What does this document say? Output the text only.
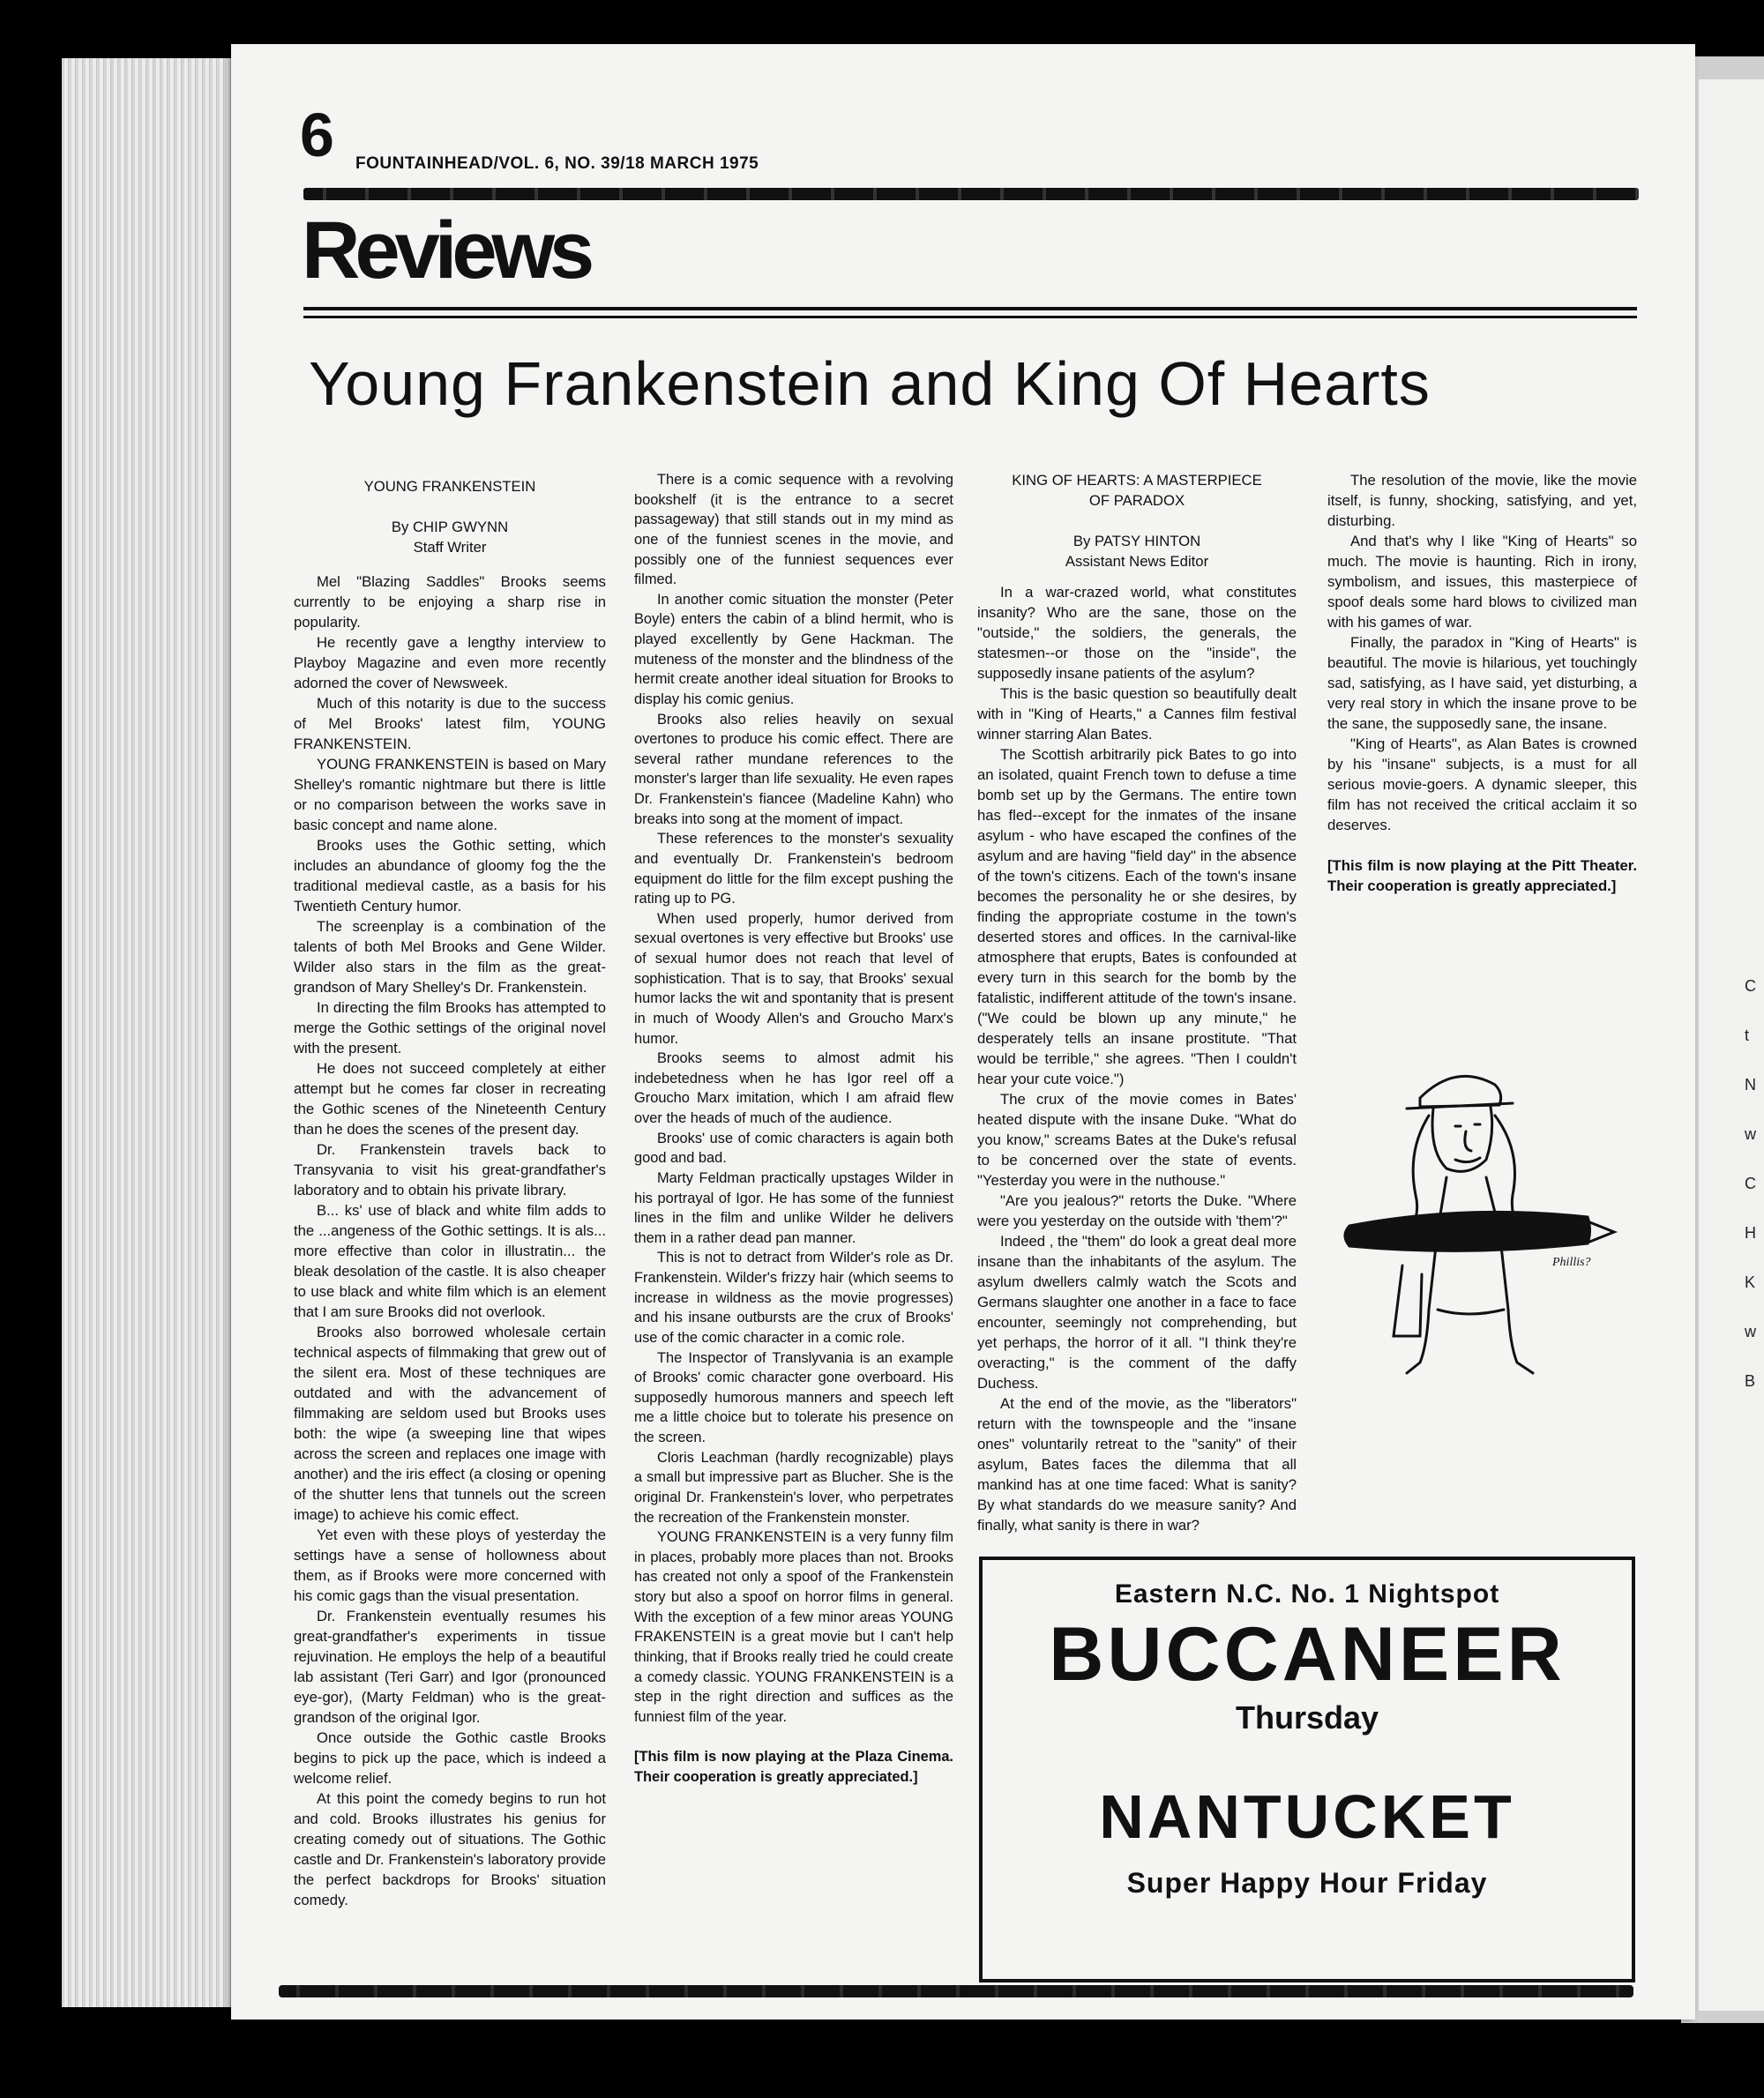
C
t
N
w
C
H
K
w
B
6 FOUNTAINHEAD/VOL. 6, NO. 39/18 MARCH 1975
Reviews
Young Frankenstein and King Of Hearts
YOUNG FRANKENSTEIN
By CHIP GWYNN
Staff Writer

Mel "Blazing Saddles" Brooks seems currently to be enjoying a sharp rise in popularity.

He recently gave a lengthy interview to Playboy Magazine and even more recently adorned the cover of Newsweek.

Much of this notarity is due to the success of Mel Brooks' latest film, YOUNG FRANKENSTEIN.

YOUNG FRANKENSTEIN is based on Mary Shelley's romantic nightmare but there is little or no comparison between the works save in basic concept and name alone.

Brooks uses the Gothic setting, which includes an abundance of gloomy fog the the traditional medieval castle, as a basis for his Twentieth Century humor.

The screenplay is a combination of the talents of both Mel Brooks and Gene Wilder. Wilder also stars in the film as the great-grandson of Mary Shelley's Dr. Frankenstein.

In directing the film Brooks has attempted to merge the Gothic settings of the original novel with the present.

He does not succeed completely at either attempt but he comes far closer in recreating the Gothic scenes of the Nineteenth Century than he does the scenes of the present day.

Dr. Frankenstein travels back to Transyvania to visit his great-grandfather's laboratory and to obtain his private library.

B... ks' use of black and white film adds to the ...angeness of the Gothic settings. It is als... more effective than color in illustratin... the bleak desolation of the castle. It is also cheaper to use black and white film which is an element that I am sure Brooks did not overlook.

Brooks also borrowed wholesale certain technical aspects of filmmaking that grew out of the silent era. Most of these techniques are outdated and with the advancement of filmmaking are seldom used but Brooks uses both: the wipe (a sweeping line that wipes across the screen and replaces one image with another) and the iris effect (a closing or opening of the shutter lens that tunnels out the screen image) to achieve his comic effect.

Yet even with these ploys of yesterday the settings have a sense of hollowness about them, as if Brooks were more concerned with his comic gags than the visual presentation.

Dr. Frankenstein eventually resumes his great-grandfather's experiments in tissue rejuvination. He employs the help of a beautiful lab assistant (Teri Garr) and Igor (pronounced eye-gor), (Marty Feldman) who is the great-grandson of the original Igor.

Once outside the Gothic castle Brooks begins to pick up the pace, which is indeed a welcome relief.

At this point the comedy begins to run hot and cold. Brooks illustrates his genius for creating comedy out of situations. The Gothic castle and Dr. Frankenstein's laboratory provide the perfect backdrops for Brooks' situation comedy.

There is a comic sequence with a revolving bookshelf (it is the entrance to a secret passageway) that still stands out in my mind as one of the funniest scenes in the movie, and possibly one of the funniest sequences ever filmed.

In another comic situation the monster (Peter Boyle) enters the cabin of a blind hermit, who is played excellently by Gene Hackman. The muteness of the monster and the blindness of the hermit create another ideal situation for Brooks to display his comic genius.

Brooks also relies heavily on sexual overtones to produce his comic effect. There are several rather mundane references to the monster's larger than life sexuality. He even rapes Dr. Frankenstein's fiancee (Madeline Kahn) who breaks into song at the moment of impact.

These references to the monster's sexuality and eventually Dr. Frankenstein's bedroom equipment do little for the film except pushing the rating up to PG.

When used properly, humor derived from sexual overtones is very effective but Brooks' use of sexual humor does not reach that level of sophistication. That is to say, that Brooks' sexual humor lacks the wit and spontanity that is present in much of Woody Allen's and Groucho Marx's humor.

Brooks seems to almost admit his indebetedness when he has Igor reel off a Groucho Marx imitation, which I am afraid flew over the heads of much of the audience.

Brooks' use of comic characters is again both good and bad.

Marty Feldman practically upstages Wilder in his portrayal of Igor. He has some of the funniest lines in the film and unlike Wilder he delivers them in a rather dead pan manner.

This is not to detract from Wilder's role as Dr. Frankenstein. Wilder's frizzy hair (which seems to increase in wildness as the movie progresses) and his insane outbursts are the crux of Brooks' use of the comic character in a comic role.

The Inspector of Translyvania is an example of Brooks' comic character gone overboard. His supposedly humorous manners and speech left me a little choice but to tolerate his presence on the screen.

Cloris Leachman (hardly recognizable) plays a small but impressive part as Blucher. She is the original Dr. Frankenstein's lover, who perpetrates the recreation of the Frankenstein monster.

YOUNG FRANKENSTEIN is a very funny film in places, probably more places than not. Brooks has created not only a spoof of the Frankenstein story but also a spoof on horror films in general. With the exception of a few minor areas YOUNG FRAKENSTEIN is a great movie but I can't help thinking, that if Brooks really tried he could create a comedy classic. YOUNG FRANKENSTEIN is a step in the right direction and suffices as the funniest film of the year.

[This film is now playing at the Plaza Cinema. Their cooperation is greatly appreciated.]

KING OF HEARTS: A MASTERPIECE
OF PARADOX
By PATSY HINTON
Assistant News Editor

In a war-crazed world, what constitutes insanity? Who are the sane, those on the "outside," the soldiers, the generals, the statesmen--or those on the "inside", the supposedly insane patients of the asylum?

This is the basic question so beautifully dealt with in "King of Hearts," a Cannes film festival winner starring Alan Bates.

The Scottish arbitrarily pick Bates to go into an isolated, quaint French town to defuse a time bomb set up by the Germans. The entire town has fled--except for the inmates of the insane asylum - who have escaped the confines of the asylum and are having "field day" in the absence of the town's citizens. Each of the town's insane becomes the personality he or she desires, by finding the appropriate costume in the town's deserted stores and offices. In the carnival-like atmosphere that erupts, Bates is confounded at every turn in this search for the bomb by the fatalistic, indifferent attitude of the town's insane. ("We could be blown up any minute," he desperately tells an insane prostitute. "That would be terrible," she agrees. "Then I couldn't hear your cute voice.")

The crux of the movie comes in Bates' heated dispute with the insane Duke. "What do you know," screams Bates at the Duke's refusal to be concerned over the state of events. "Yesterday you were in the nuthouse."

"Are you jealous?" retorts the Duke. "Where were you yesterday on the outside with 'them'?"

Indeed , the "them" do look a great deal more insane than the inhabitants of the asylum. The asylum dwellers calmly watch the Scots and Germans slaughter one another in a face to face encounter, seemingly not comprehending, but yet perhaps, the horror of it all. "I think they're overacting," is the comment of the daffy Duchess.

At the end of the movie, as the "liberators" return with the townspeople and the "insane ones" voluntarily retreat to the "sanity" of their asylum, Bates faces the dilemma that all mankind has at one time faced: What is sanity? By what standards do we measure sanity? And finally, what sanity is there in war?

The resolution of the movie, like the movie itself, is funny, shocking, satisfying, and yet, disturbing.

And that's why I like "King of Hearts" so much. The movie is haunting. Rich in irony, symbolism, and issues, this masterpiece of spoof deals some hard blows to civilized man with his games of war.

Finally, the paradox in "King of Hearts" is beautiful. The movie is hilarious, yet touchingly sad, satisfying, as I have said, yet disturbing, a very real story in which the insane prove to be the sane, the supposedly sane, the insane.

"King of Hearts", as Alan Bates is crowned by his "insane" subjects, is a must for all serious movie-goers. A dynamic sleeper, this film has not received the critical acclaim it so deserves.

[This film is now playing at the Pitt Theater. Their cooperation is greatly appreciated.]

Phillis?
Eastern N.C. No. 1 Nightspot
BUCCANEER
Thursday
NANTUCKET
Super Happy Hour Friday
